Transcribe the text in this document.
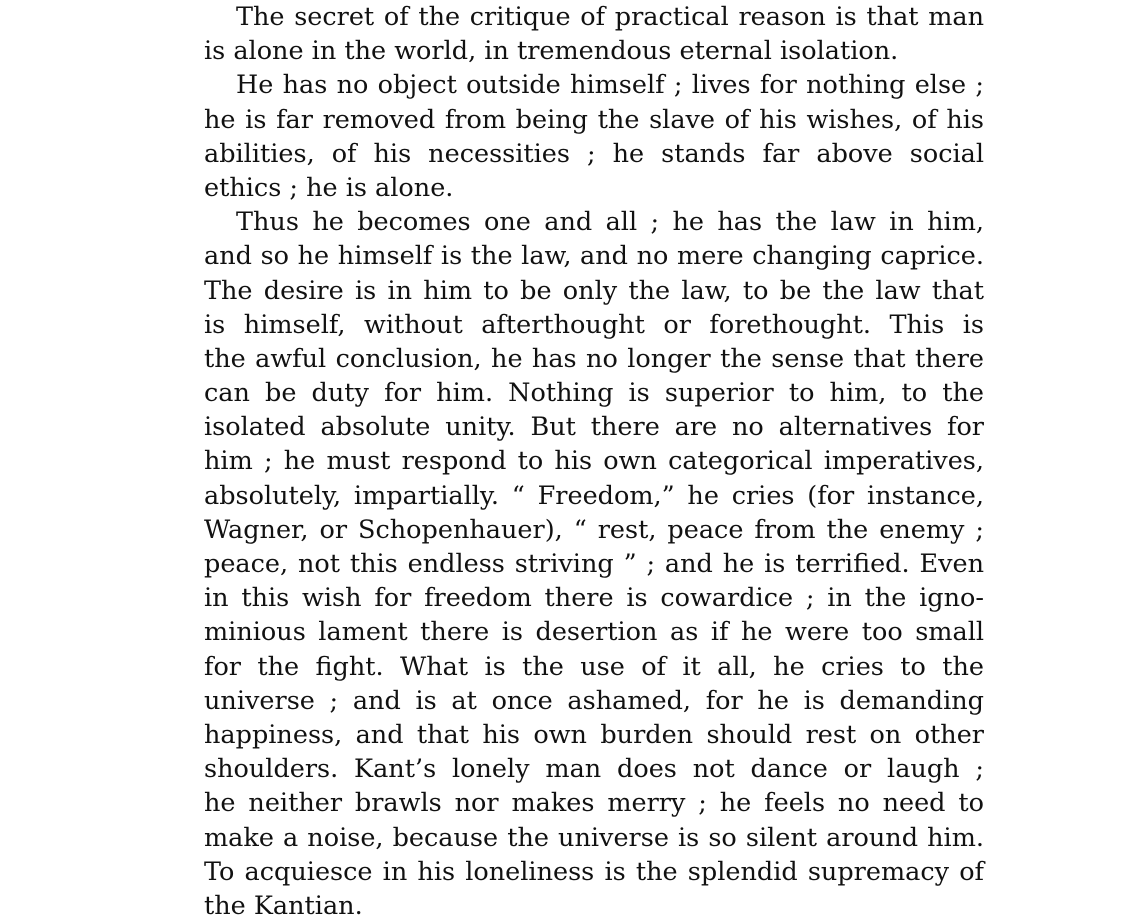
The secret of the critique of practical reason is that man
is alone in the world, in tremendous eternal isolation.
He has no object outside himself ; lives for nothing else ;
he is far removed from being the slave of his wishes, of his
abilities, of his necessities ; he stands far above social
ethics ; he is alone.
Thus he becomes one and all ; he has the law in him,
and so he himself is the law, and no mere changing caprice.
The desire is in him to be only the law, to be the law that
is himself, without afterthought or forethought. This is
the awful conclusion, he has no longer the sense that there
can be duty for him. Nothing is superior to him, to the
isolated absolute unity. But there are no alternatives for
him ; he must respond to his own categorical imperatives,
absolutely, impartially. “ Freedom,” he cries (for instance,
Wagner, or Schopenhauer), “ rest, peace from the enemy ;
peace, not this endless striving ” ; and he is terrified. Even
in this wish for freedom there is cowardice ; in the igno-
minious lament there is desertion as if he were too small
for the fight. What is the use of it all, he cries to the
universe ; and is at once ashamed, for he is demanding
happiness, and that his own burden should rest on other
shoulders. Kant’s lonely man does not dance or laugh ;
he neither brawls nor makes merry ; he feels no need to
make a noise, because the universe is so silent around him.
To acquiesce in his loneliness is the splendid supremacy of
the Kantian.
